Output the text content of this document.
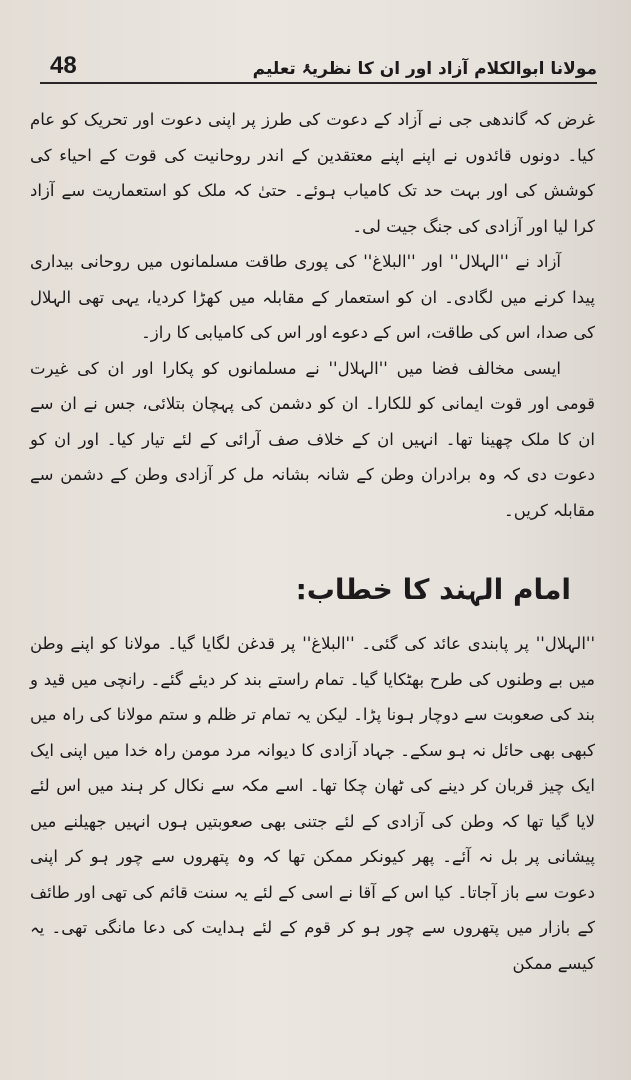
48	مولانا ابوالکلام آزاد اور ان کا نظریۂ تعلیم

غرض کہ گاندھی جی نے آزاد کے دعوت کی طرز پر اپنی دعوت اور تحریک کو عام کیا۔ دونوں قائدوں نے اپنے اپنے معتقدین کے اندر روحانیت کی قوت کے احیاء کی کوشش کی اور بہت حد تک کامیاب ہوئے۔ حتیٰ کہ ملک کو استعماریت سے آزاد کرا لیا اور آزادی کی جنگ جیت لی۔

آزاد نے ''الہلال'' اور ''البلاغ'' کی پوری طاقت مسلمانوں میں روحانی بیداری پیدا کرنے میں لگادی۔ ان کو استعمار کے مقابلہ میں کھڑا کردیا، یہی تھی الہلال کی صدا، اس کی طاقت، اس کے دعوے اور اس کی کامیابی کا راز۔

ایسی مخالف فضا میں ''الہلال'' نے مسلمانوں کو پکارا اور ان کی غیرت قومی اور قوت ایمانی کو للکارا۔ ان کو دشمن کی پہچان بتلائی، جس نے ان سے ان کا ملک چھینا تھا۔ انہیں ان کے خلاف صف آرائی کے لئے تیار کیا۔ اور ان کو دعوت دی کہ وہ برادران وطن کے شانہ بشانہ مل کر آزادی وطن کے دشمن سے مقابلہ کریں۔

امام الہند کا خطاب:

''الہلال'' پر پابندی عائد کی گئی۔ ''البلاغ'' پر قدغن لگایا گیا۔ مولانا کو اپنے وطن میں بے وطنوں کی طرح بھٹکایا گیا۔ تمام راستے بند کر دیئے گئے۔ رانچی میں قید و بند کی صعوبت سے دوچار ہونا پڑا۔ لیکن یہ تمام تر ظلم و ستم مولانا کی راہ میں کبھی بھی حائل نہ ہو سکے۔ جہاد آزادی کا دیوانہ مرد مومن راہ خدا میں اپنی ایک ایک چیز قربان کر دینے کی ٹھان چکا تھا۔ اسے مکہ سے نکال کر ہند میں اس لئے لایا گیا تھا کہ وطن کی آزادی کے لئے جتنی بھی صعوبتیں ہوں انہیں جھیلنے میں پیشانی پر بل نہ آئے۔ پھر کیونکر ممکن تھا کہ وہ پتھروں سے چور ہو کر اپنی دعوت سے باز آجاتا۔ کیا اس کے آقا نے اسی کے لئے یہ سنت قائم کی تھی اور طائف کے بازار میں پتھروں سے چور ہو کر قوم کے لئے ہدایت کی دعا مانگی تھی۔ یہ کیسے ممکن
